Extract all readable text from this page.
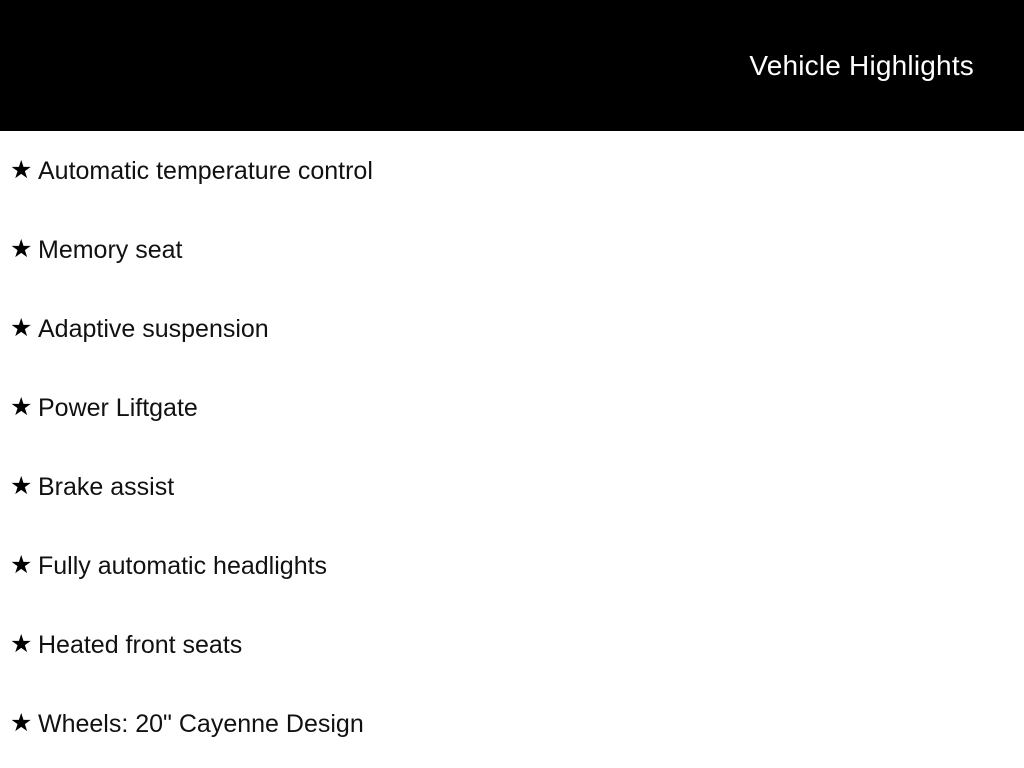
Vehicle Highlights
★ Automatic temperature control
★ Memory seat
★ Adaptive suspension
★ Power Liftgate
★ Brake assist
★ Fully automatic headlights
★ Heated front seats
★ Wheels: 20" Cayenne Design
